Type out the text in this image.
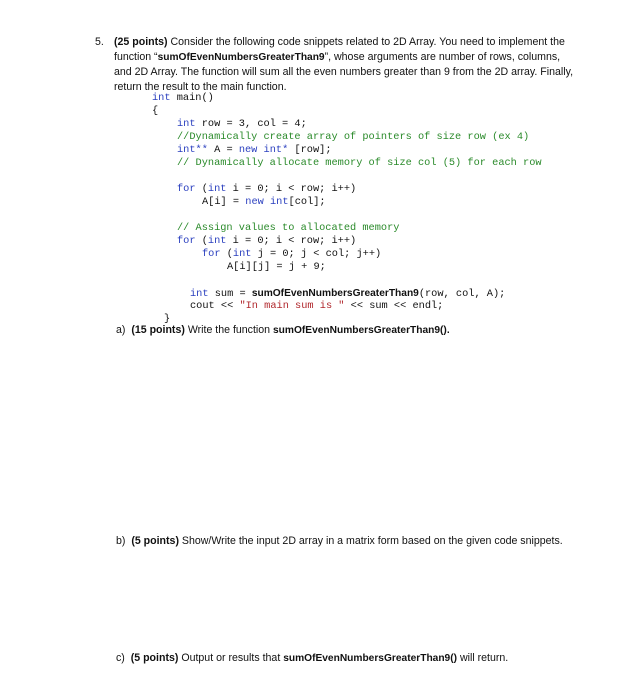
5. (25 points) Consider the following code snippets related to 2D Array. You need to implement the function “sumOfEvenNumbersGreaterThan9”, whose arguments are number of rows, columns, and 2D Array. The function will sum all the even numbers greater than 9 from the 2D array. Finally, return the result to the main function.
int main()
{
int row = 3, col = 4;
//Dynamically create array of pointers of size row (ex 4)
int** A = new int* [row];
// Dynamically allocate memory of size col (5) for each row
for (int i = 0; i < row; i++)
A[i] = new int[col];
// Assign values to allocated memory
for (int i = 0; i < row; i++)
for (int j = 0; j < col; j++)
A[i][j] = j + 9;
int sum = sumOfEvenNumbersGreaterThan9(row, col, A);
cout << "In main sum is " << sum << endl;
}
a) (15 points) Write the function sumOfEvenNumbersGreaterThan9().
b) (5 points) Show/Write the input 2D array in a matrix form based on the given code snippets.
c) (5 points) Output or results that sumOfEvenNumbersGreaterThan9() will return.
